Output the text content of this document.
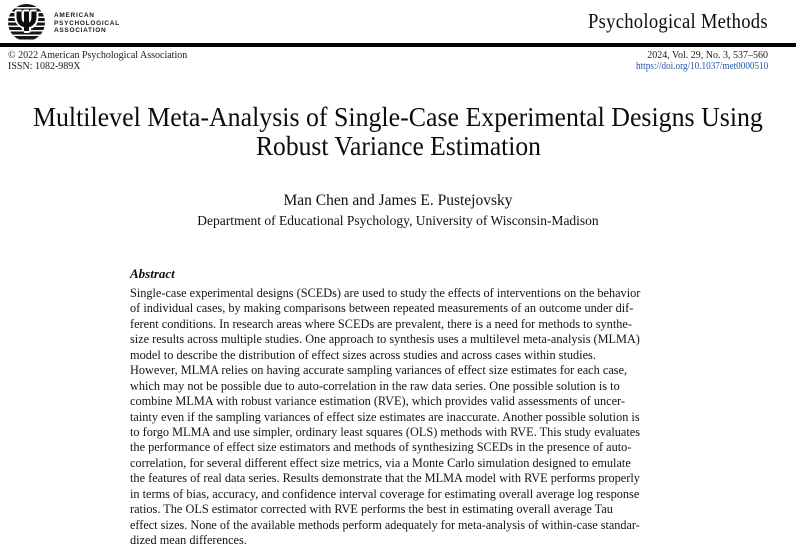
Ψ	AMERICAN
PSYCHOLOGICAL
ASSOCIATION	Psychological Methods
© 2022 American Psychological Association
ISSN: 1082-989X
2024, Vol. 29, No. 3, 537–560
https://doi.org/10.1037/met0000510
Multilevel Meta-Analysis of Single-Case Experimental Designs Using
Robust Variance Estimation
Man Chen and James E. Pustejovsky
Department of Educational Psychology, University of Wisconsin-Madison
Abstract
Single-case experimental designs (SCEDs) are used to study the effects of interventions on the behavior
of individual cases, by making comparisons between repeated measurements of an outcome under dif-
ferent conditions. In research areas where SCEDs are prevalent, there is a need for methods to synthe-
size results across multiple studies. One approach to synthesis uses a multilevel meta-analysis (MLMA)
model to describe the distribution of effect sizes across studies and across cases within studies.
However, MLMA relies on having accurate sampling variances of effect size estimates for each case,
which may not be possible due to auto-correlation in the raw data series. One possible solution is to
combine MLMA with robust variance estimation (RVE), which provides valid assessments of uncer-
tainty even if the sampling variances of effect size estimates are inaccurate. Another possible solution is
to forgo MLMA and use simpler, ordinary least squares (OLS) methods with RVE. This study evaluates
the performance of effect size estimators and methods of synthesizing SCEDs in the presence of auto-
correlation, for several different effect size metrics, via a Monte Carlo simulation designed to emulate
the features of real data series. Results demonstrate that the MLMA model with RVE performs properly
in terms of bias, accuracy, and confidence interval coverage for estimating overall average log response
ratios. The OLS estimator corrected with RVE performs the best in estimating overall average Tau
effect sizes. None of the available methods perform adequately for meta-analysis of within-case standar-
dized mean differences.
